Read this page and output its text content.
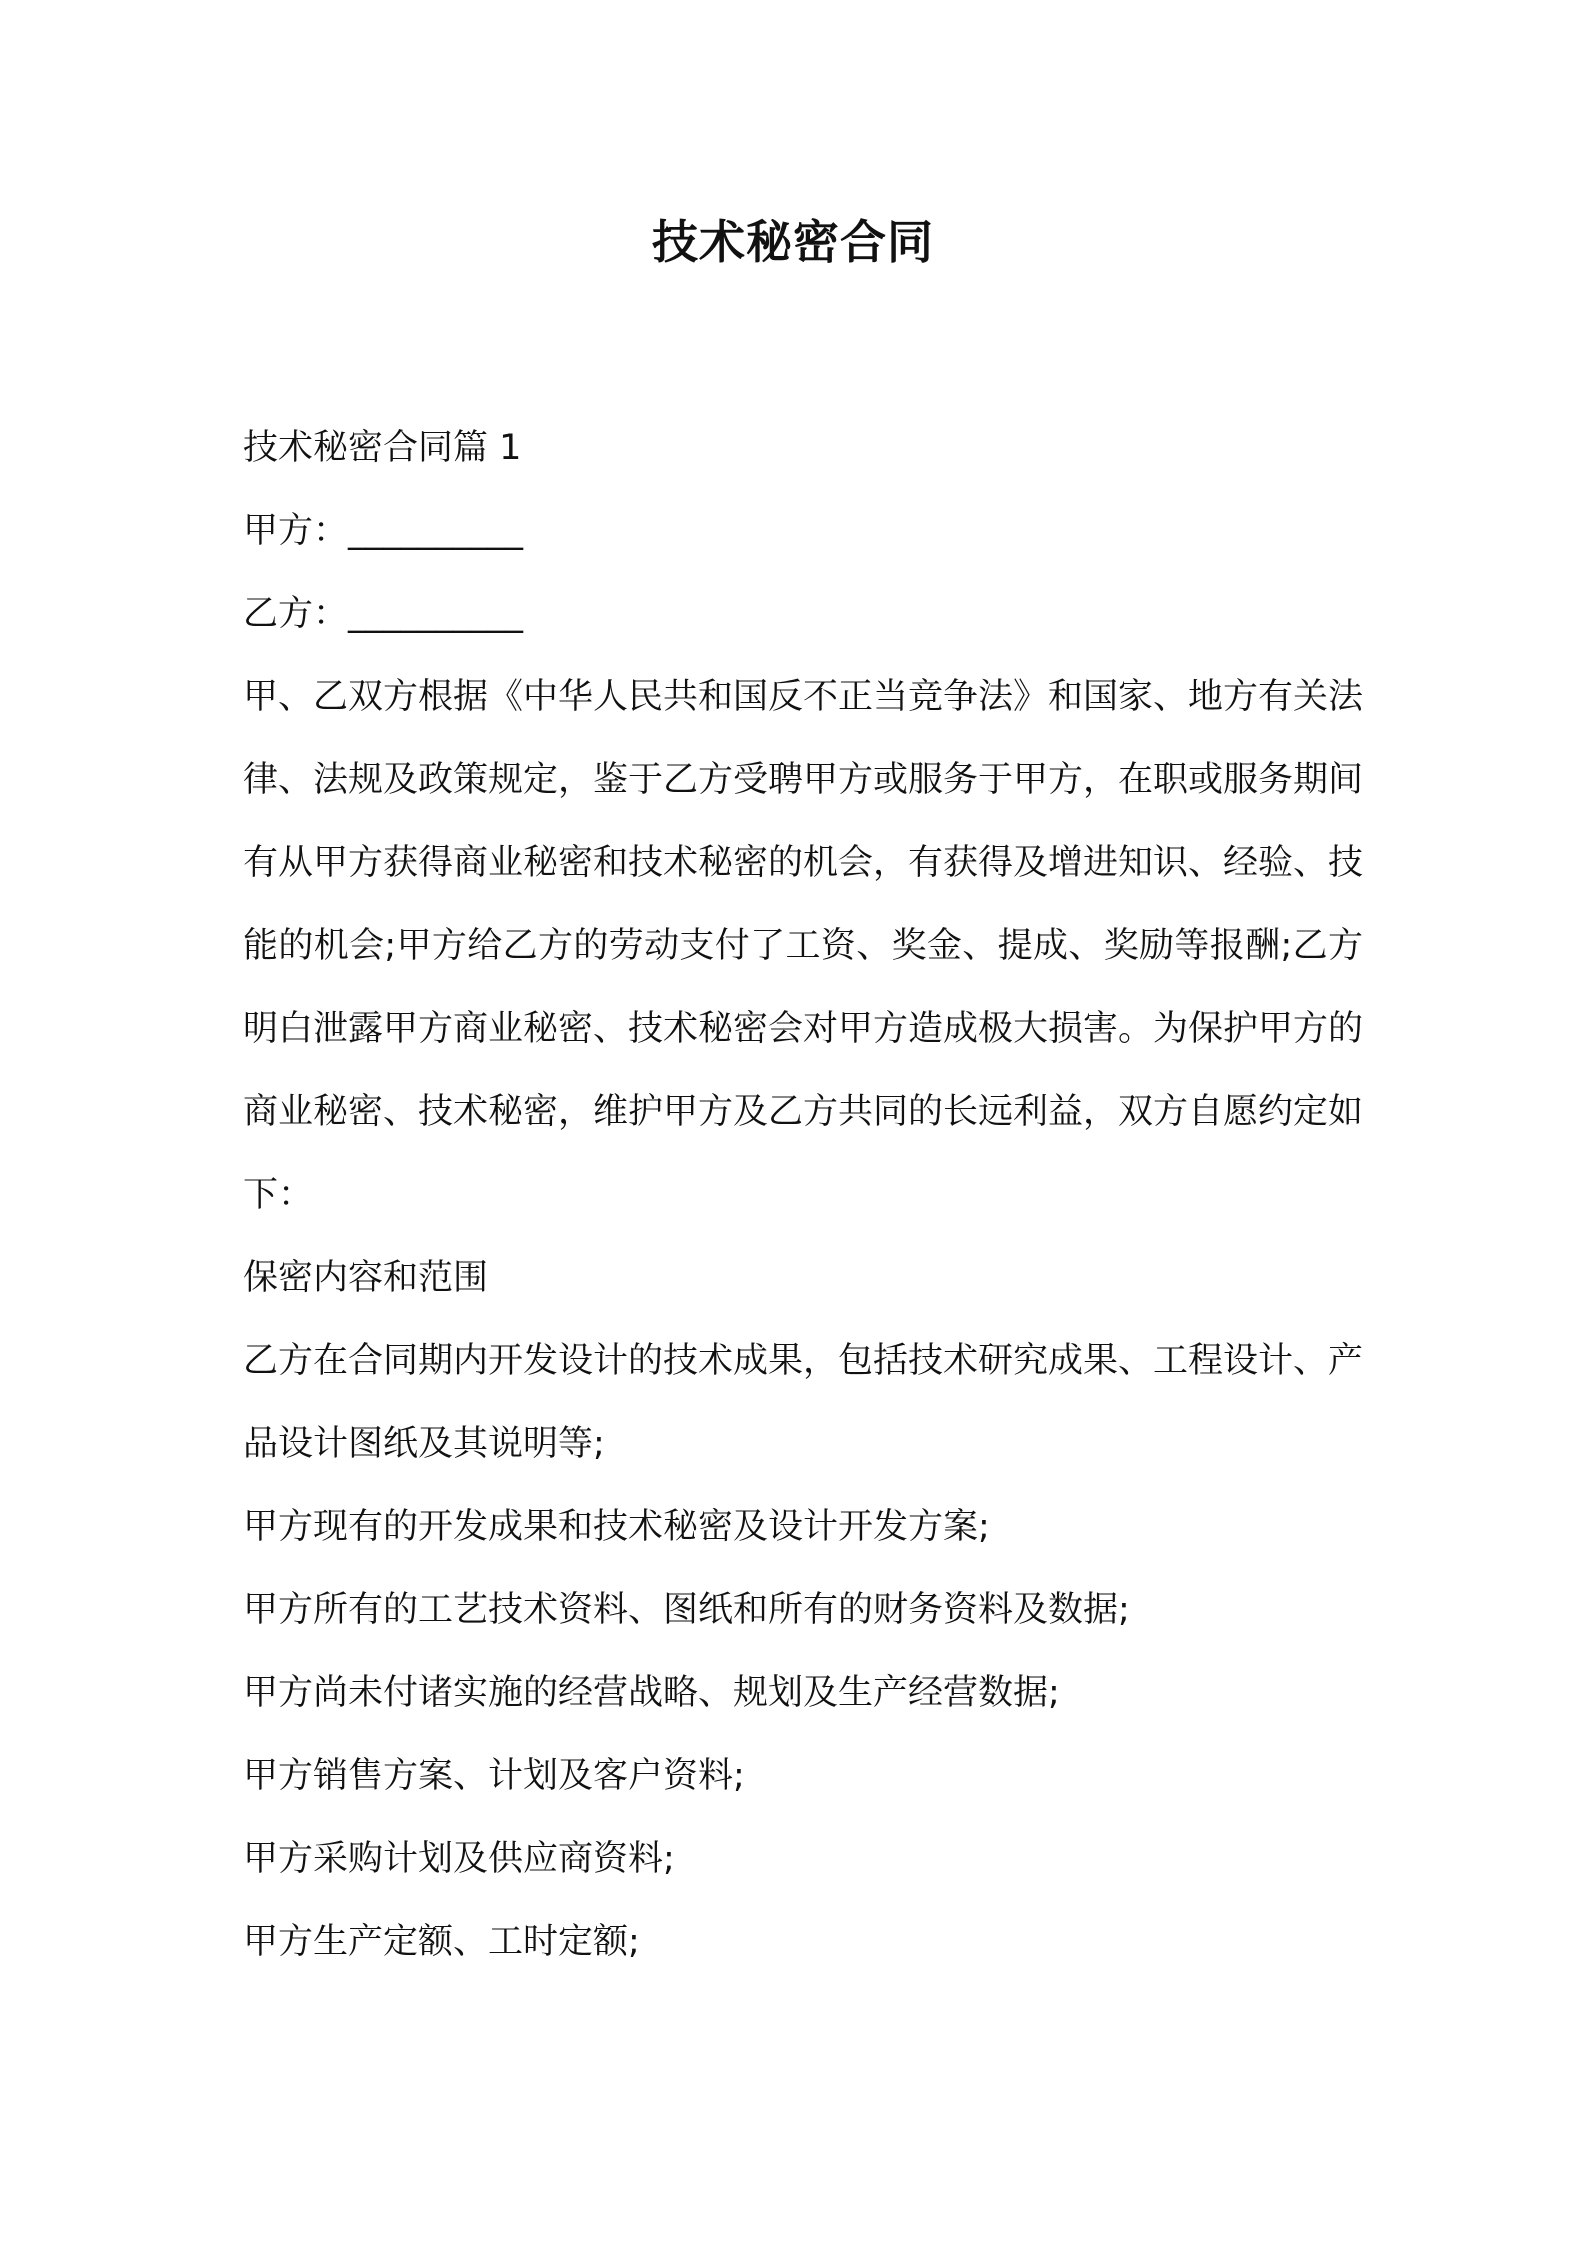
技术秘密合同
技术秘密合同篇 1
甲方：__________
乙方：__________
甲、乙双方根据《中华人民共和国反不正当竞争法》和国家、地方有关法律、法规及政策规定，鉴于乙方受聘甲方或服务于甲方，在职或服务期间有从甲方获得商业秘密和技术秘密的机会，有获得及增进知识、经验、技能的机会;甲方给乙方的劳动支付了工资、奖金、提成、奖励等报酬;乙方明白泄露甲方商业秘密、技术秘密会对甲方造成极大损害。为保护甲方的商业秘密、技术秘密，维护甲方及乙方共同的长远利益，双方自愿约定如下：
保密内容和范围
乙方在合同期内开发设计的技术成果，包括技术研究成果、工程设计、产品设计图纸及其说明等;
甲方现有的开发成果和技术秘密及设计开发方案;
甲方所有的工艺技术资料、图纸和所有的财务资料及数据;
甲方尚未付诸实施的经营战略、规划及生产经营数据;
甲方销售方案、计划及客户资料;
甲方采购计划及供应商资料;
甲方生产定额、工时定额;
